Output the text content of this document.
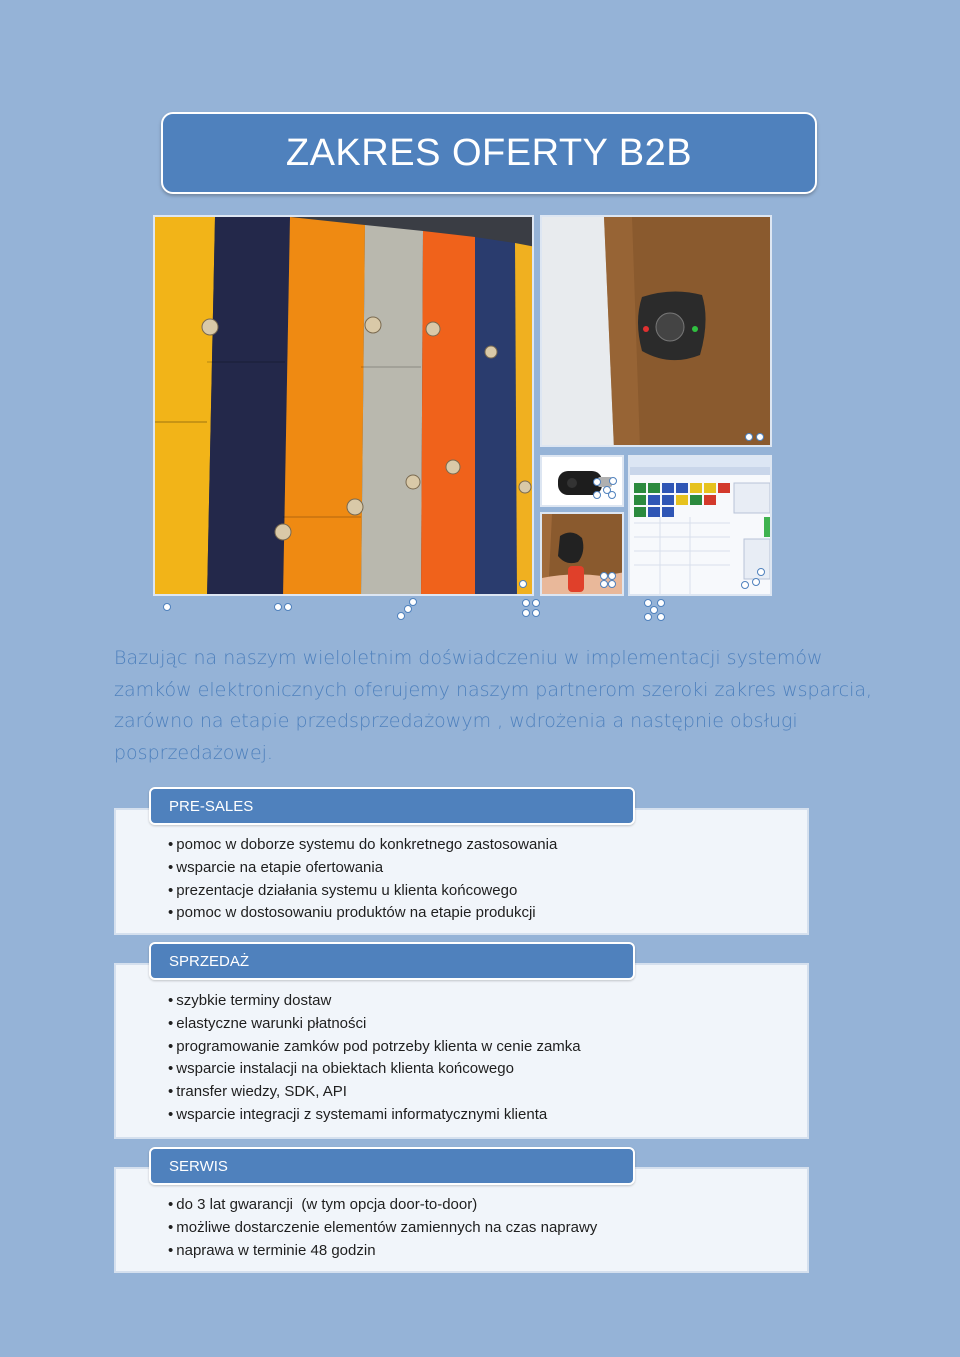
ZAKRES OFERTY B2B
Bazując na naszym wieloletnim doświadczeniu w implementacji systemów zamków elektronicznych oferujemy naszym partnerom szeroki zakres wsparcia, zarówno na etapie przedsprzedażowym , wdrożenia a następnie obsługi posprzedażowej.
PRE-SALES
• pomoc w doborze systemu do konkretnego zastosowania
• wsparcie na etapie ofertowania
• prezentacje działania systemu u klienta końcowego
• pomoc w dostosowaniu produktów na etapie produkcji
SPRZEDAŻ
• szybkie terminy dostaw
• elastyczne warunki płatności
• programowanie zamków pod potrzeby klienta w cenie zamka
• wsparcie instalacji na obiektach klienta końcowego
• transfer wiedzy, SDK, API
• wsparcie integracji z systemami informatycznymi klienta
SERWIS
• do 3 lat gwarancji  (w tym opcja door-to-door)
• możliwe dostarczenie elementów zamiennych na czas naprawy
• naprawa w terminie 48 godzin
